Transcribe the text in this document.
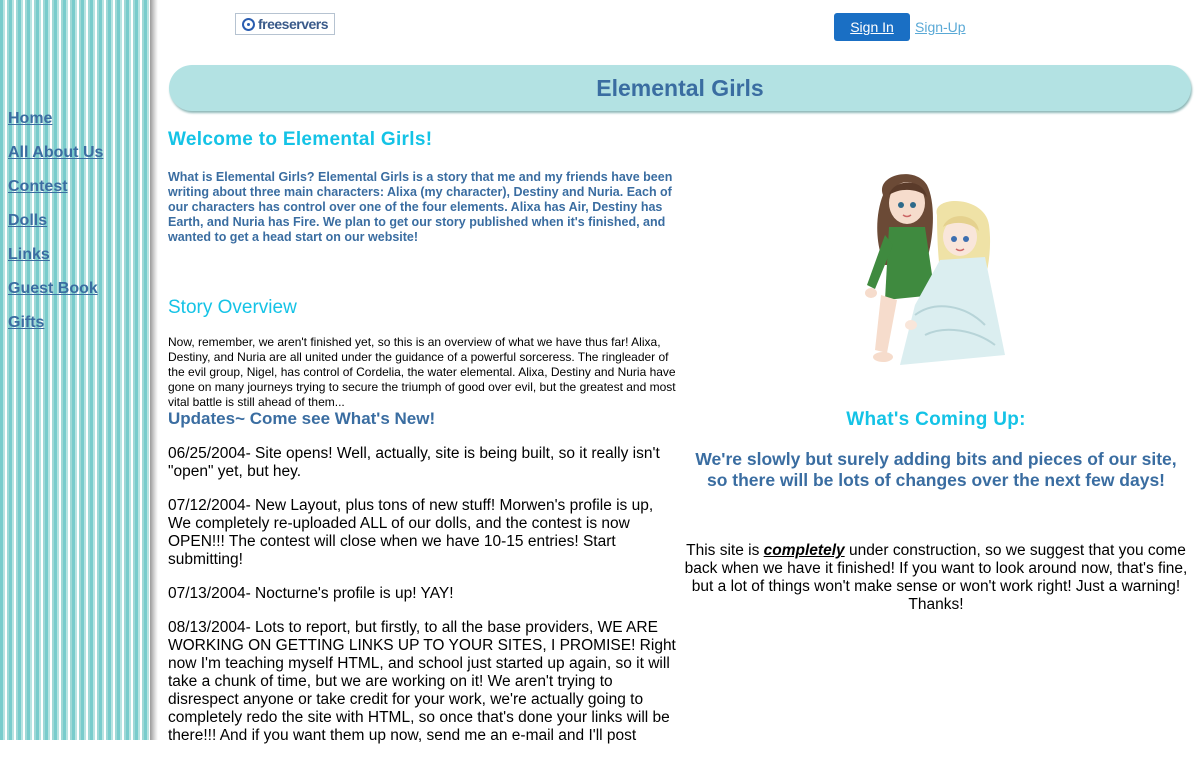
Home
All About Us
Contest
Dolls
Links
Guest Book
Gifts
freeservers	Sign In	Sign-Up
Elemental Girls
Welcome to Elemental Girls!

What is Elemental Girls? Elemental Girls is a story that me and my friends have been writing about three main characters: Alixa (my character), Destiny and Nuria. Each of our characters has control over one of the four elements. Alixa has Air, Destiny has Earth, and Nuria has Fire. We plan to get our story published when it's finished, and wanted to get a head start on our website!

Story Overview

Now, remember, we aren't finished yet, so this is an overview of what we have thus far! Alixa, Destiny, and Nuria are all united under the guidance of a powerful sorceress. The ringleader of the evil group, Nigel, has control of Cordelia, the water elemental. Alixa, Destiny and Nuria have gone on many journeys trying to secure the triumph of good over evil, but the greatest and most vital battle is still ahead of them...

Updates~ Come see What's New!

06/25/2004- Site opens! Well, actually, site is being built, so it really isn't "open" yet, but hey.

07/12/2004- New Layout, plus tons of new stuff! Morwen's profile is up, We completely re-uploaded ALL of our dolls, and the contest is now OPEN!!! The contest will close when we have 10-15 entries! Start submitting!

07/13/2004- Nocturne's profile is up! YAY!

08/13/2004- Lots to report, but firstly, to all the base providers, WE ARE WORKING ON GETTING LINKS UP TO YOUR SITES, I PROMISE! Right now I'm teaching myself HTML, and school just started up again, so it will take a chunk of time, but we are working on it! We aren't trying to disrespect anyone or take credit for your work, we're actually going to completely redo the site with HTML, so once that's done your links will be there!!! And if you want them up now, send me an e-mail and I'll post

What's Coming Up:

We're slowly but surely adding bits and pieces of our site, so there will be lots of changes over the next few days!

This site is completely under construction, so we suggest that you come back when we have it finished! If you want to look around now, that's fine, but a lot of things won't make sense or won't work right! Just a warning! Thanks!
